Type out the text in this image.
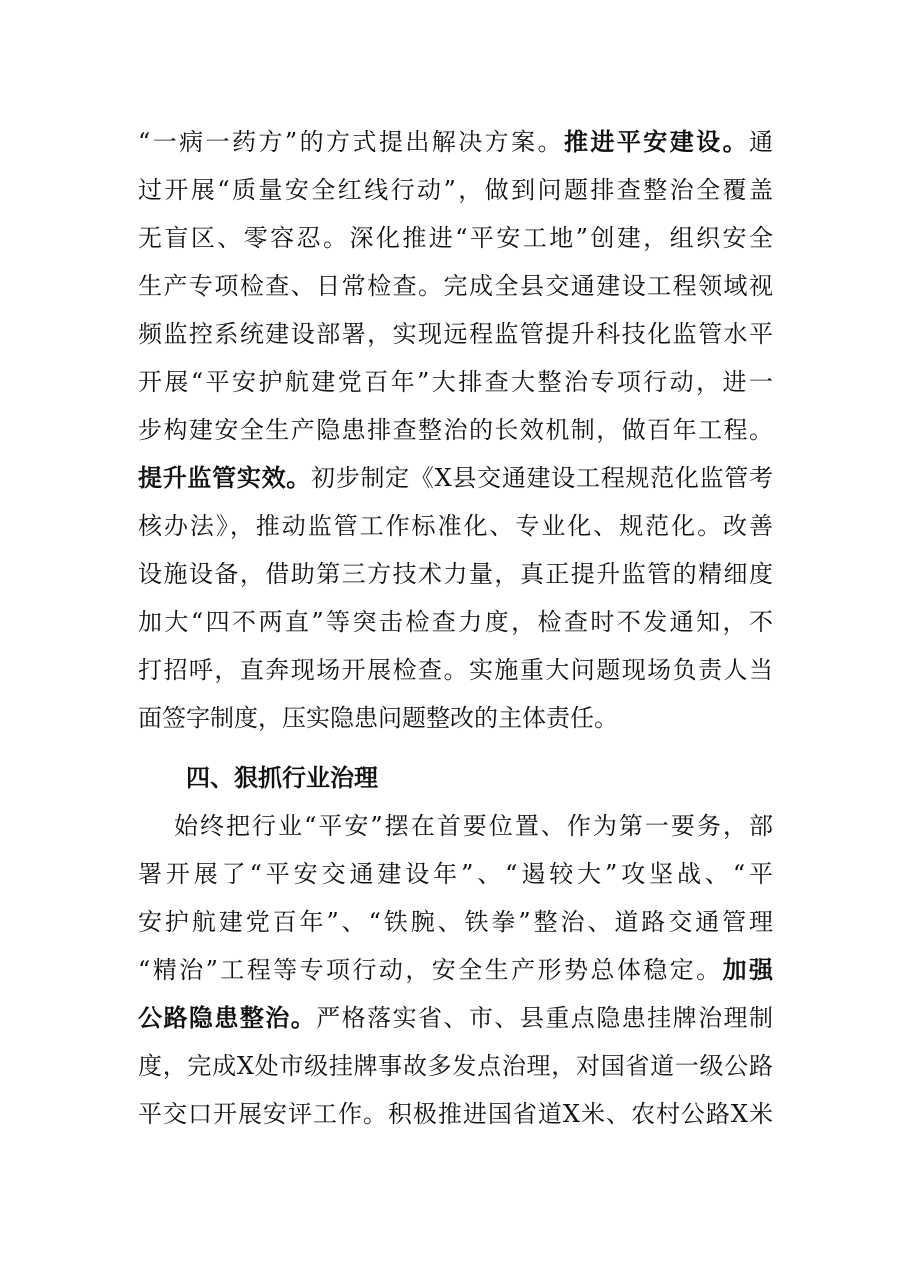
“一病一药方”的方式提出解决方案。推进平安建设。通
过开展“质量安全红线行动”，做到问题排查整治全覆盖
无盲区、零容忍。深化推进“平安工地”创建，组织安全
生产专项检查、日常检查。完成全县交通建设工程领域视
频监控系统建设部署，实现远程监管提升科技化监管水平
开展“平安护航建党百年”大排查大整治专项行动，进一
步构建安全生产隐患排查整治的长效机制，做百年工程。
提升监管实效。初步制定《X县交通建设工程规范化监管考
核办法》，推动监管工作标准化、专业化、规范化。改善
设施设备，借助第三方技术力量，真正提升监管的精细度
加大“四不两直”等突击检查力度，检查时不发通知，不
打招呼，直奔现场开展检查。实施重大问题现场负责人当
面签字制度，压实隐患问题整改的主体责任。
四、狠抓行业治理
始终把行业“平安”摆在首要位置、作为第一要务，部
署开展了“平安交通建设年”、“遏较大”攻坚战、“平
安护航建党百年”、“铁腕、铁拳”整治、道路交通管理
“精治”工程等专项行动，安全生产形势总体稳定。加强
公路隐患整治。严格落实省、市、县重点隐患挂牌治理制
度，完成X处市级挂牌事故多发点治理，对国省道一级公路
平交口开展安评工作。积极推进国省道X米、农村公路X米
